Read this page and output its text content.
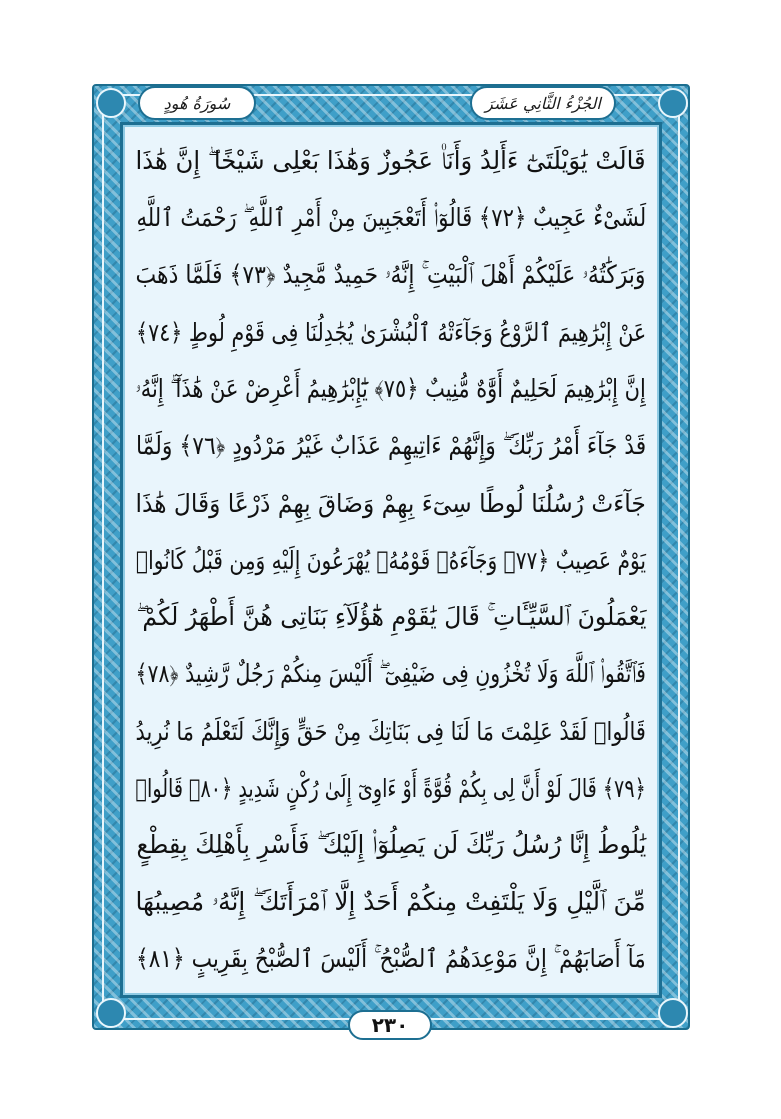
الجُزْءُ الثَّانِي عَشَرَ
سُورَةُ هُودٍ
قَالَتْ يَٰوَيْلَتَىٰٓ ءَأَلِدُ وَأَنَا۠ عَجُوزٌ وَهَٰذَا بَعْلِى شَيْخًا ۖ إِنَّ هَٰذَا
لَشَىْءٌ عَجِيبٌ ﴿٧٢﴾ قَالُوٓا۟ أَتَعْجَبِينَ مِنْ أَمْرِ ٱللَّهِ ۖ رَحْمَتُ ٱللَّهِ
وَبَرَكَٰتُهُۥ عَلَيْكُمْ أَهْلَ ٱلْبَيْتِ ۚ إِنَّهُۥ حَمِيدٌ مَّجِيدٌ ﴿٧٣﴾ فَلَمَّا ذَهَبَ
عَنْ إِبْرَٰهِيمَ ٱلرَّوْعُ وَجَآءَتْهُ ٱلْبُشْرَىٰ يُجَٰدِلُنَا فِى قَوْمِ لُوطٍ ﴿٧٤﴾
إِنَّ إِبْرَٰهِيمَ لَحَلِيمٌ أَوَّٰهٌ مُّنِيبٌ ﴿٧٥﴾ يَٰٓإِبْرَٰهِيمُ أَعْرِضْ عَنْ هَٰذَآ ۖ إِنَّهُۥ
قَدْ جَآءَ أَمْرُ رَبِّكَ ۖ وَإِنَّهُمْ ءَاتِيهِمْ عَذَابٌ غَيْرُ مَرْدُودٍ ﴿٧٦﴾ وَلَمَّا
جَآءَتْ رُسُلُنَا لُوطًا سِىٓءَ بِهِمْ وَضَاقَ بِهِمْ ذَرْعًا وَقَالَ هَٰذَا
يَوْمٌ عَصِيبٌ ﴿٧٧﴾ وَجَآءَهُۥ قَوْمُهُۥ يُهْرَعُونَ إِلَيْهِ وَمِن قَبْلُ كَانُوا۟
يَعْمَلُونَ ٱلسَّيِّـَٔاتِ ۚ قَالَ يَٰقَوْمِ هَٰٓؤُلَآءِ بَنَاتِى هُنَّ أَطْهَرُ لَكُمْ ۖ
فَٱتَّقُوا۟ ٱللَّهَ وَلَا تُخْزُونِ فِى ضَيْفِىٓ ۖ أَلَيْسَ مِنكُمْ رَجُلٌ رَّشِيدٌ ﴿٧٨﴾
قَالُوا۟ لَقَدْ عَلِمْتَ مَا لَنَا فِى بَنَاتِكَ مِنْ حَقٍّ وَإِنَّكَ لَتَعْلَمُ مَا نُرِيدُ
﴿٧٩﴾ قَالَ لَوْ أَنَّ لِى بِكُمْ قُوَّةً أَوْ ءَاوِىٓ إِلَىٰ رُكْنٍ شَدِيدٍ ﴿٨٠﴾ قَالُوا۟
يَٰلُوطُ إِنَّا رُسُلُ رَبِّكَ لَن يَصِلُوٓا۟ إِلَيْكَ ۖ فَأَسْرِ بِأَهْلِكَ بِقِطْعٍ
مِّنَ ٱلَّيْلِ وَلَا يَلْتَفِتْ مِنكُمْ أَحَدٌ إِلَّا ٱمْرَأَتَكَ ۖ إِنَّهُۥ مُصِيبُهَا
مَآ أَصَابَهُمْ ۚ إِنَّ مَوْعِدَهُمُ ٱلصُّبْحُ ۚ أَلَيْسَ ٱلصُّبْحُ بِقَرِيبٍ ﴿٨١﴾
٢٣٠
